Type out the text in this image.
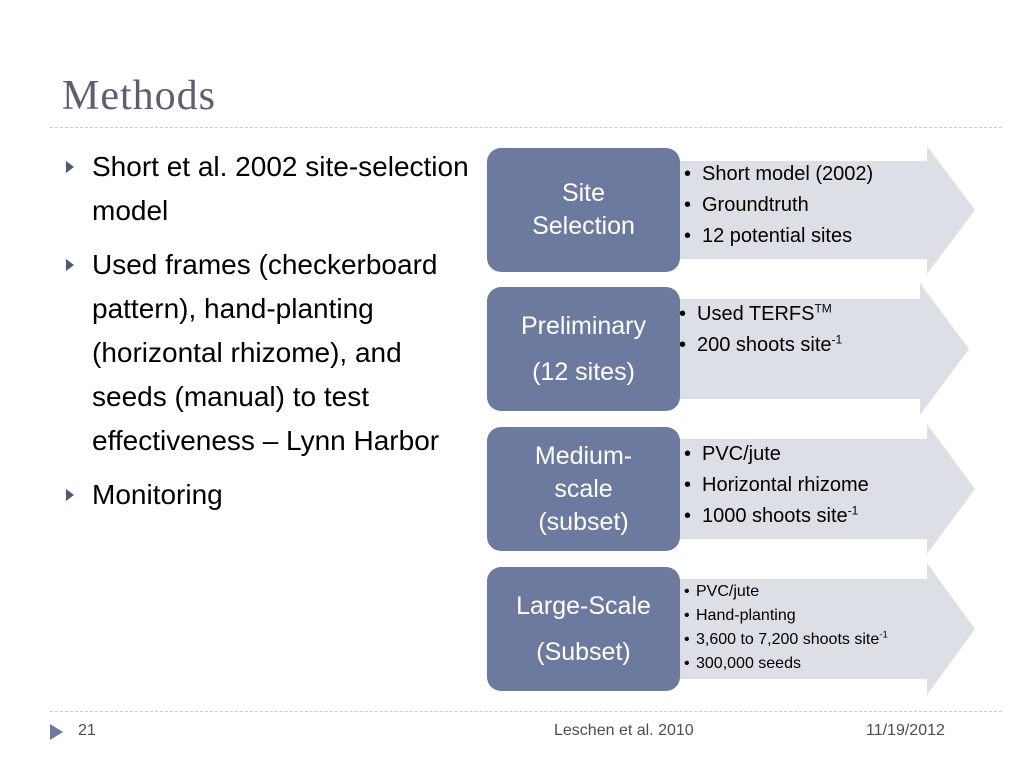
Methods
Short et al. 2002 site-selection model
Used frames (checkerboard pattern), hand-planting (horizontal rhizome), and seeds (manual) to test effectiveness – Lynn Harbor
Monitoring
Site
Selection
• Short model (2002)
• Groundtruth
• 12 potential sites
Preliminary
(12 sites)
• Used TERFS™
• 200 shoots site$^{-1}$
Medium-
scale
(subset)
• PVC/jute
• Horizontal rhizome
• 1000 shoots site$^{-1}$
Large-Scale
(Subset)
• PVC/jute
• Hand-planting
• 3,600 to 7,200 shoots site$^{-1}$
• 300,000 seeds
21	Leschen et al. 2010	11/19/2012
